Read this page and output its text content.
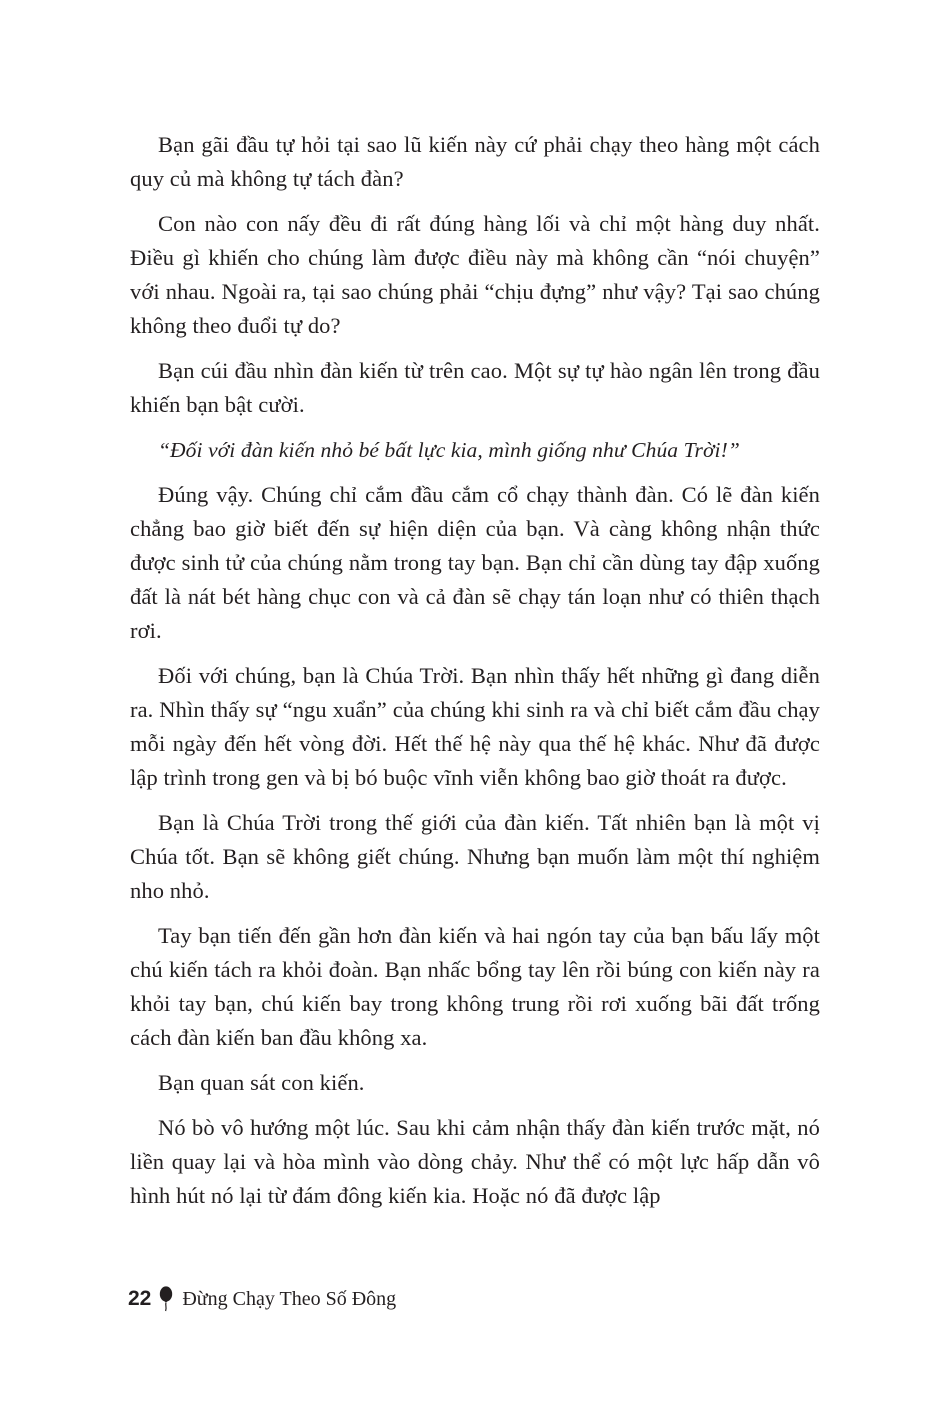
Bạn gãi đầu tự hỏi tại sao lũ kiến này cứ phải chạy theo hàng một cách quy củ mà không tự tách đàn?

Con nào con nấy đều đi rất đúng hàng lối và chỉ một hàng duy nhất. Điều gì khiến cho chúng làm được điều này mà không cần “nói chuyện” với nhau. Ngoài ra, tại sao chúng phải “chịu đựng” như vậy? Tại sao chúng không theo đuổi tự do?

Bạn cúi đầu nhìn đàn kiến từ trên cao. Một sự tự hào ngân lên trong đầu khiến bạn bật cười.

“Đối với đàn kiến nhỏ bé bất lực kia, mình giống như Chúa Trời!”

Đúng vậy. Chúng chỉ cắm đầu cắm cổ chạy thành đàn. Có lẽ đàn kiến chẳng bao giờ biết đến sự hiện diện của bạn. Và càng không nhận thức được sinh tử của chúng nằm trong tay bạn. Bạn chỉ cần dùng tay đập xuống đất là nát bét hàng chục con và cả đàn sẽ chạy tán loạn như có thiên thạch rơi.

Đối với chúng, bạn là Chúa Trời. Bạn nhìn thấy hết những gì đang diễn ra. Nhìn thấy sự “ngu xuẩn” của chúng khi sinh ra và chỉ biết cắm đầu chạy mỗi ngày đến hết vòng đời. Hết thế hệ này qua thế hệ khác. Như đã được lập trình trong gen và bị bó buộc vĩnh viễn không bao giờ thoát ra được.

Bạn là Chúa Trời trong thế giới của đàn kiến. Tất nhiên bạn là một vị Chúa tốt. Bạn sẽ không giết chúng. Nhưng bạn muốn làm một thí nghiệm nho nhỏ.

Tay bạn tiến đến gần hơn đàn kiến và hai ngón tay của bạn bấu lấy một chú kiến tách ra khỏi đoàn. Bạn nhấc bổng tay lên rồi búng con kiến này ra khỏi tay bạn, chú kiến bay trong không trung rồi rơi xuống bãi đất trống cách đàn kiến ban đầu không xa.

Bạn quan sát con kiến.

Nó bò vô hướng một lúc. Sau khi cảm nhận thấy đàn kiến trước mặt, nó liền quay lại và hòa mình vào dòng chảy. Như thể có một lực hấp dẫn vô hình hút nó lại từ đám đông kiến kia. Hoặc nó đã được lập

22 Đừng Chạy Theo Số Đông
